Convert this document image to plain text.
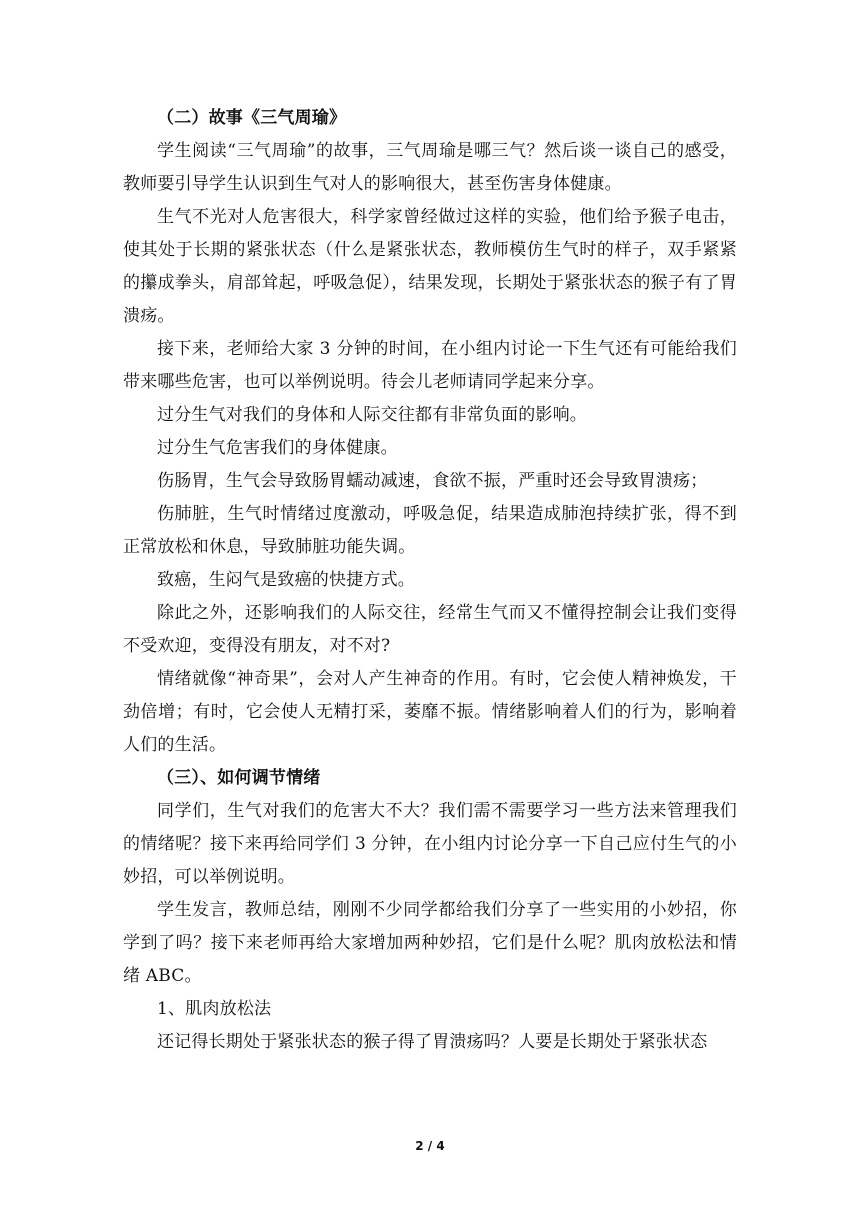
（二）故事《三气周瑜》

学生阅读“三气周瑜”的故事，三气周瑜是哪三气？然后谈一谈自己的感受，教师要引导学生认识到生气对人的影响很大，甚至伤害身体健康。

生气不光对人危害很大，科学家曾经做过这样的实验，他们给予猴子电击，使其处于长期的紧张状态（什么是紧张状态，教师模仿生气时的样子，双手紧紧的攥成拳头，肩部耸起，呼吸急促），结果发现，长期处于紧张状态的猴子有了胃溃疡。

接下来，老师给大家 3 分钟的时间，在小组内讨论一下生气还有可能给我们带来哪些危害，也可以举例说明。待会儿老师请同学起来分享。

过分生气对我们的身体和人际交往都有非常负面的影响。

过分生气危害我们的身体健康。

伤肠胃，生气会导致肠胃蠕动减速，食欲不振，严重时还会导致胃溃疡；

伤肺脏，生气时情绪过度激动，呼吸急促，结果造成肺泡持续扩张，得不到正常放松和休息，导致肺脏功能失调。

致癌，生闷气是致癌的快捷方式。

除此之外，还影响我们的人际交往，经常生气而又不懂得控制会让我们变得不受欢迎，变得没有朋友，对不对?

情绪就像“神奇果”，会对人产生神奇的作用。有时，它会使人精神焕发，干劲倍增；有时，它会使人无精打采，萎靡不振。情绪影响着人们的行为，影响着人们的生活。

（三）、如何调节情绪

同学们，生气对我们的危害大不大？我们需不需要学习一些方法来管理我们的情绪呢？接下来再给同学们 3 分钟，在小组内讨论分享一下自己应付生气的小妙招，可以举例说明。

学生发言，教师总结，刚刚不少同学都给我们分享了一些实用的小妙招，你学到了吗？接下来老师再给大家增加两种妙招，它们是什么呢？肌肉放松法和情绪 ABC。

1、肌肉放松法

还记得长期处于紧张状态的猴子得了胃溃疡吗？人要是长期处于紧张状态

2 / 4
